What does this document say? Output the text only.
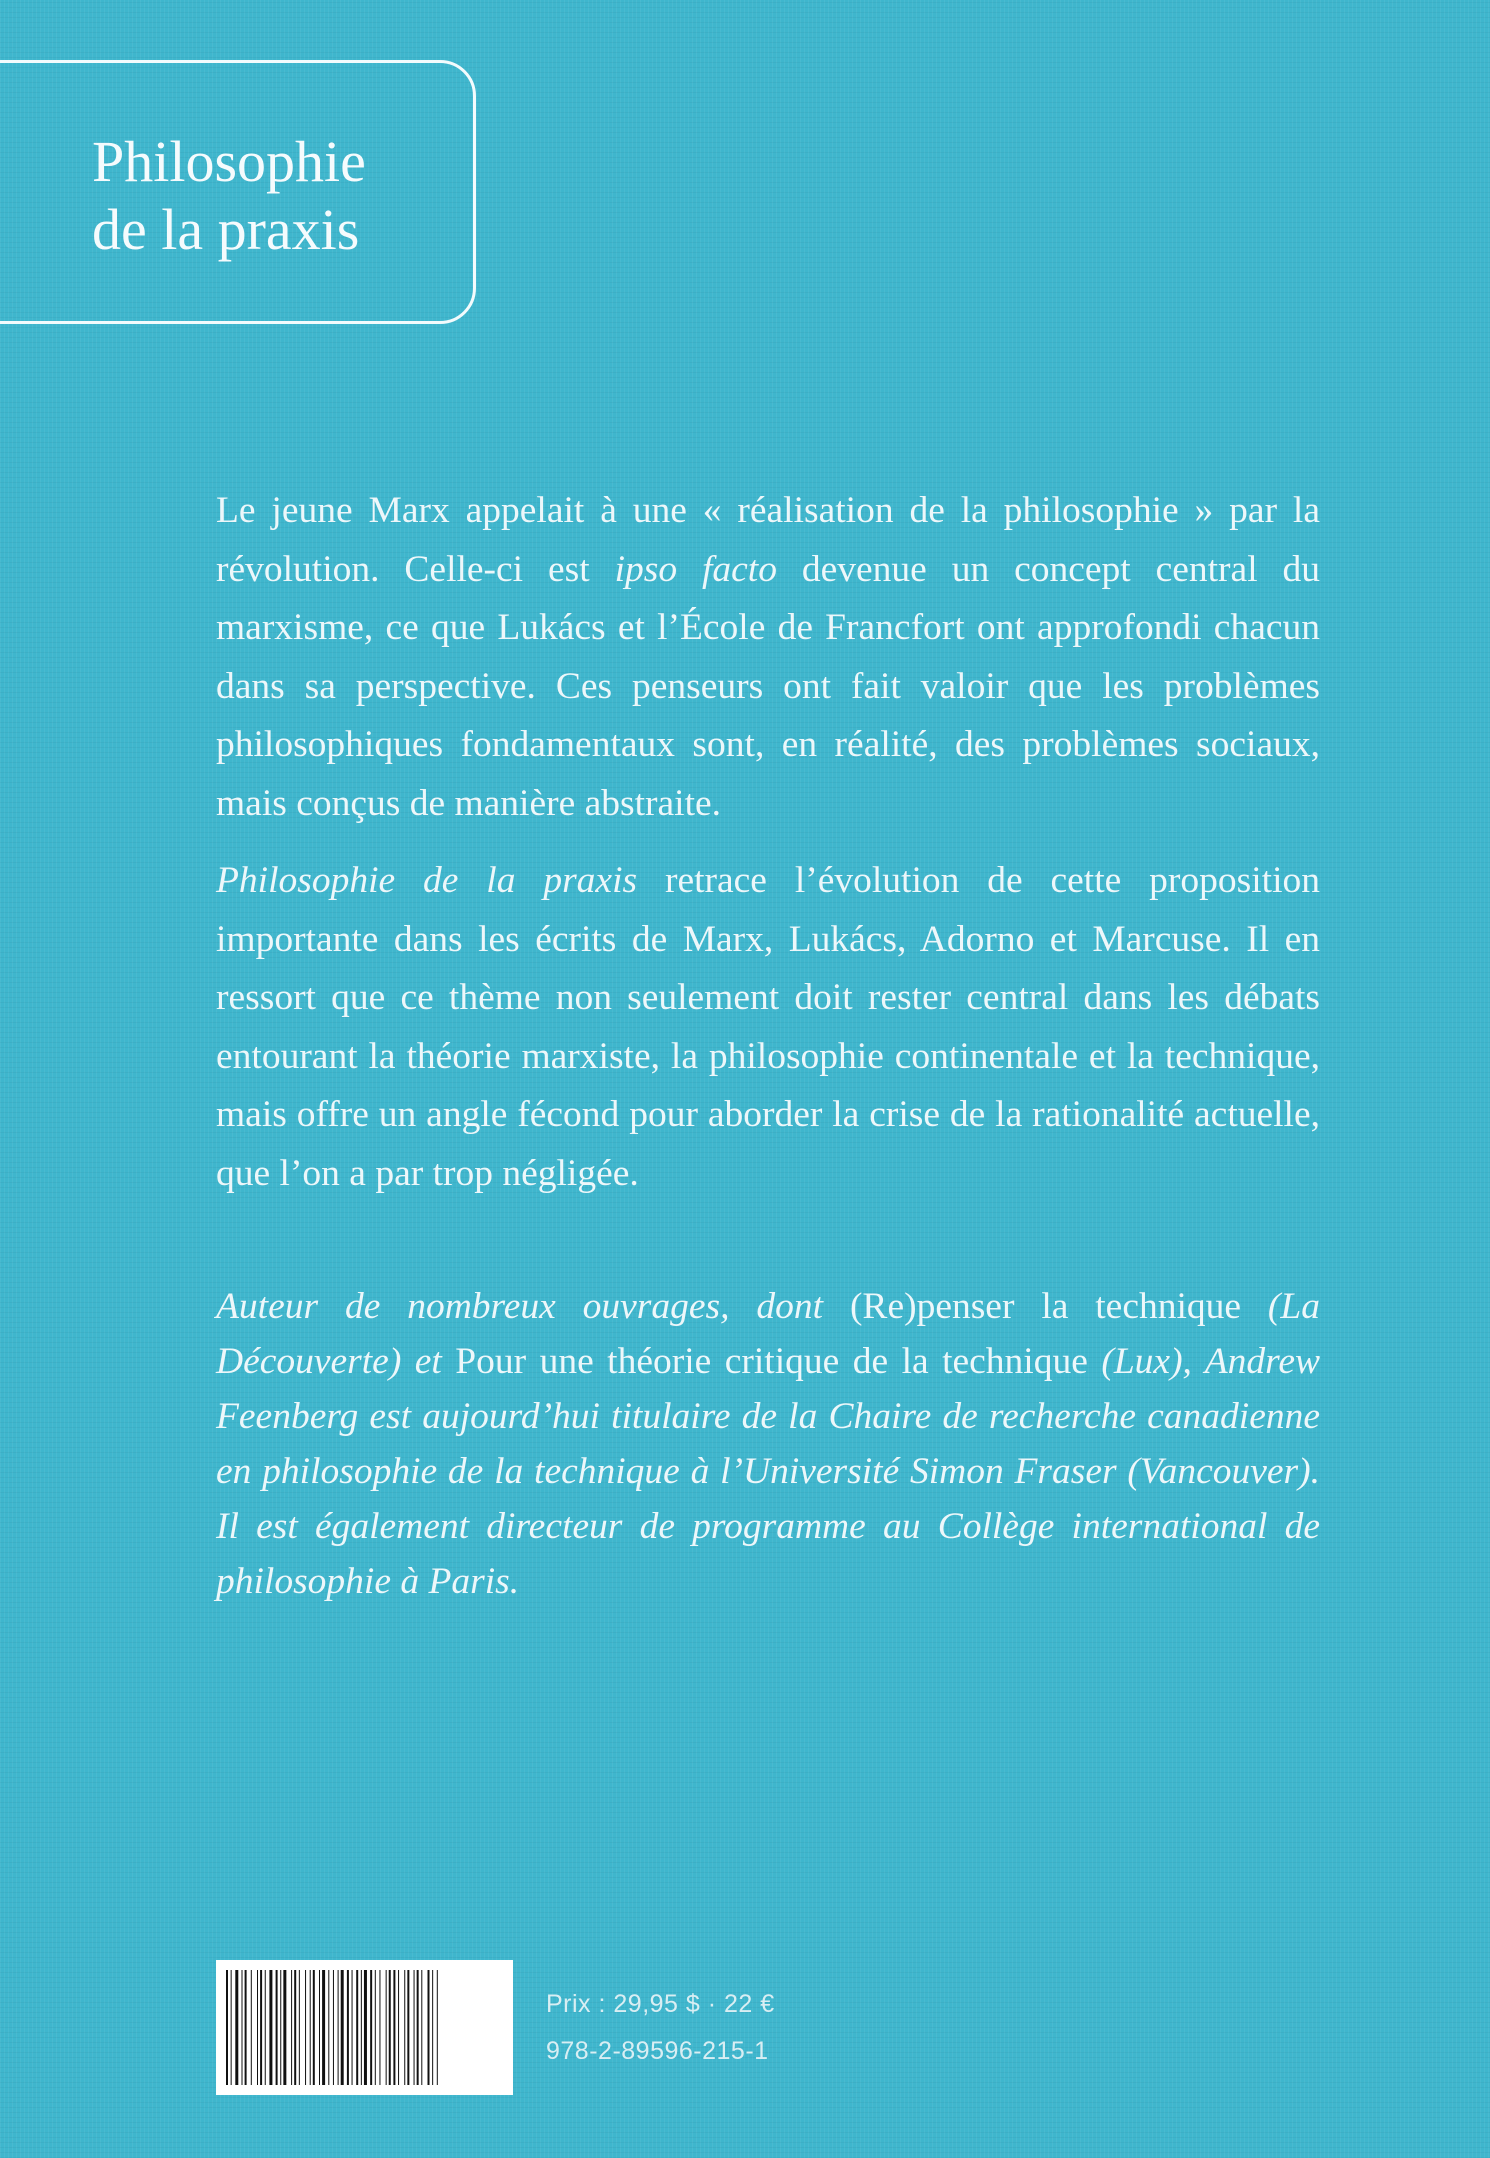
Philosophie
de la praxis

Le jeune Marx appelait à une « réalisation de la philosophie » par la révolution. Celle-ci est ipso facto devenue un concept central du marxisme, ce que Lukács et l’École de Francfort ont approfondi chacun dans sa perspective. Ces penseurs ont fait valoir que les problèmes philosophiques fondamentaux sont, en réalité, des problèmes sociaux, mais conçus de manière abstraite.

Philosophie de la praxis retrace l’évolution de cette proposition importante dans les écrits de Marx, Lukács, Adorno et Marcuse. Il en ressort que ce thème non seulement doit rester central dans les débats entourant la théorie marxiste, la philosophie continentale et la technique, mais offre un angle fécond pour aborder la crise de la rationalité actuelle, que l’on a par trop négligée.

Auteur de nombreux ouvrages, dont (Re)penser la technique (La Découverte) et Pour une théorie critique de la technique (Lux), Andrew Feenberg est aujourd’hui titulaire de la Chaire de recherche canadienne en philosophie de la technique à l’Université Simon Fraser (Vancouver). Il est également directeur de programme au Collège international de philosophie à Paris.

Prix : 29,95 $ · 22 €

978-2-89596-215-1
